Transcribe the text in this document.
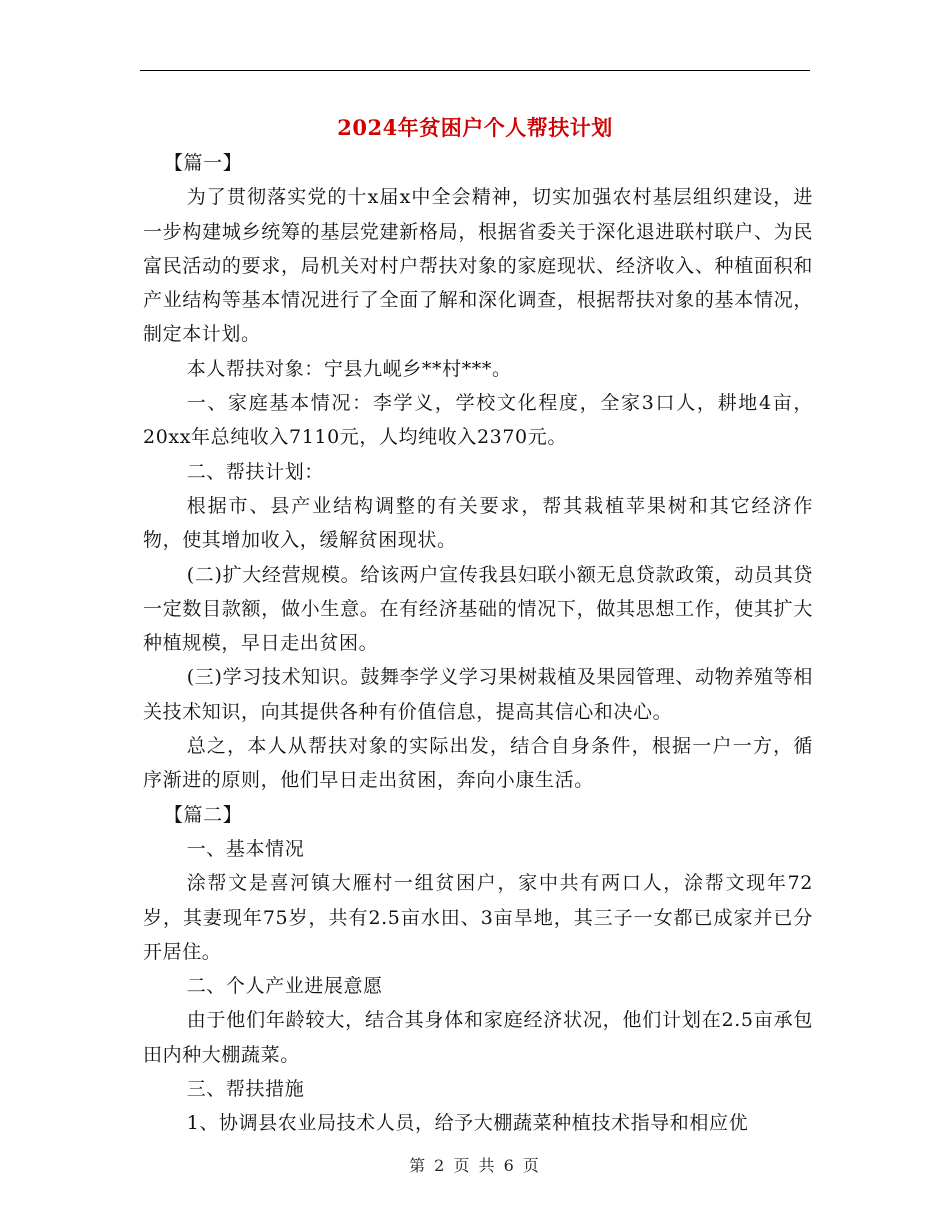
2024年贫困户个人帮扶计划

【篇一】

为了贯彻落实党的十x届x中全会精神，切实加强农村基层组织建设，进一步构建城乡统筹的基层党建新格局，根据省委关于深化退进联村联户、为民富民活动的要求，局机关对村户帮扶对象的家庭现状、经济收入、种植面积和产业结构等基本情况进行了全面了解和深化调查，根据帮扶对象的基本情况，制定本计划。

本人帮扶对象：宁县九岘乡**村***。

一、家庭基本情况：李学义，学校文化程度，全家3口人，耕地4亩，20xx年总纯收入7110元，人均纯收入2370元。

二、帮扶计划：

根据市、县产业结构调整的有关要求，帮其栽植苹果树和其它经济作物，使其增加收入，缓解贫困现状。

(二)扩大经营规模。给该两户宣传我县妇联小额无息贷款政策，动员其贷一定数目款额，做小生意。在有经济基础的情况下，做其思想工作，使其扩大种植规模，早日走出贫困。

(三)学习技术知识。鼓舞李学义学习果树栽植及果园管理、动物养殖等相关技术知识，向其提供各种有价值信息，提高其信心和决心。

总之，本人从帮扶对象的实际出发，结合自身条件，根据一户一方，循序渐进的原则，他们早日走出贫困，奔向小康生活。

【篇二】

一、基本情况

涂帮文是喜河镇大雁村一组贫困户，家中共有两口人，涂帮文现年72岁，其妻现年75岁，共有2.5亩水田、3亩旱地，其三子一女都已成家并已分开居住。

二、个人产业进展意愿

由于他们年龄较大，结合其身体和家庭经济状况，他们计划在2.5亩承包田内种大棚蔬菜。

三、帮扶措施

1、协调县农业局技术人员，给予大棚蔬菜种植技术指导和相应优

第 2 页 共 6 页
